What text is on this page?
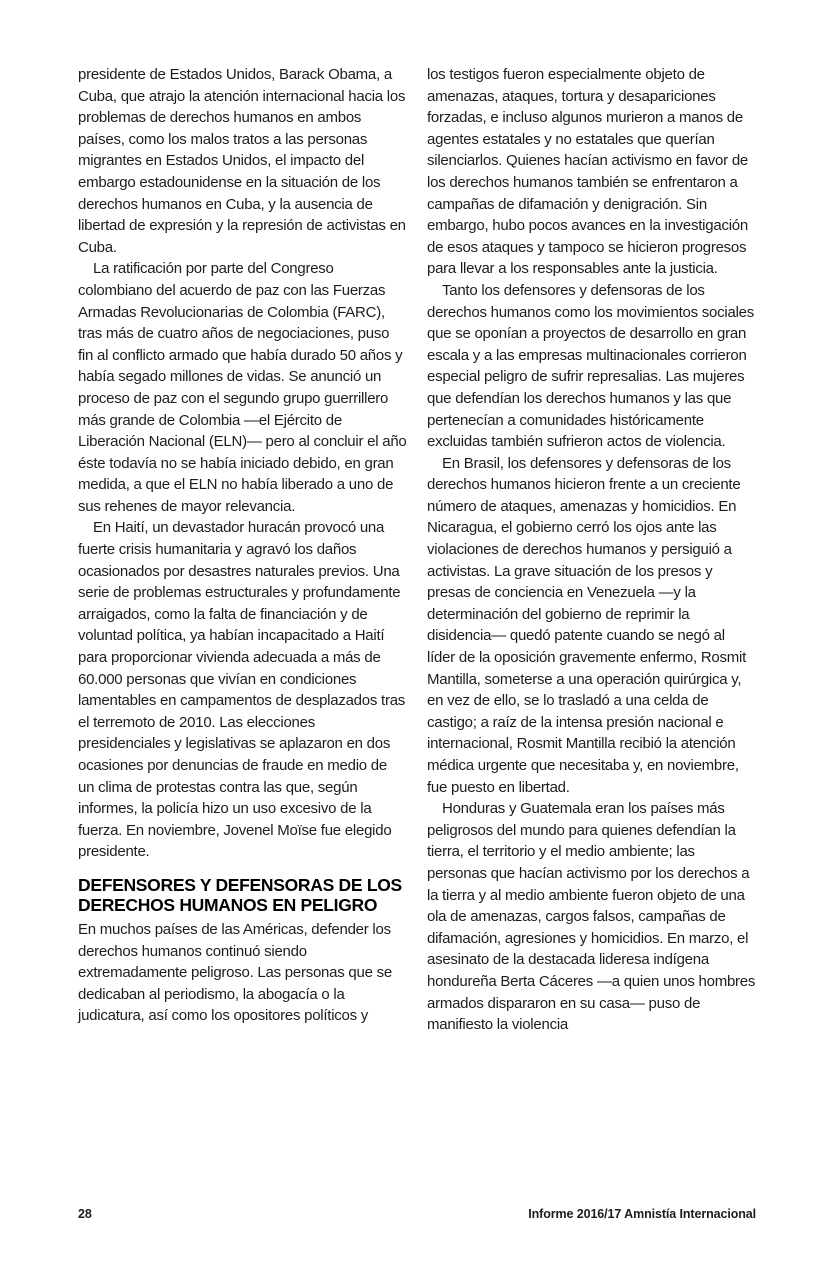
presidente de Estados Unidos, Barack Obama, a Cuba, que atrajo la atención internacional hacia los problemas de derechos humanos en ambos países, como los malos tratos a las personas migrantes en Estados Unidos, el impacto del embargo estadounidense en la situación de los derechos humanos en Cuba, y la ausencia de libertad de expresión y la represión de activistas en Cuba.

La ratificación por parte del Congreso colombiano del acuerdo de paz con las Fuerzas Armadas Revolucionarias de Colombia (FARC), tras más de cuatro años de negociaciones, puso fin al conflicto armado que había durado 50 años y había segado millones de vidas. Se anunció un proceso de paz con el segundo grupo guerrillero más grande de Colombia —el Ejército de Liberación Nacional (ELN)— pero al concluir el año éste todavía no se había iniciado debido, en gran medida, a que el ELN no había liberado a uno de sus rehenes de mayor relevancia.

En Haití, un devastador huracán provocó una fuerte crisis humanitaria y agravó los daños ocasionados por desastres naturales previos. Una serie de problemas estructurales y profundamente arraigados, como la falta de financiación y de voluntad política, ya habían incapacitado a Haití para proporcionar vivienda adecuada a más de 60.000 personas que vivían en condiciones lamentables en campamentos de desplazados tras el terremoto de 2010. Las elecciones presidenciales y legislativas se aplazaron en dos ocasiones por denuncias de fraude en medio de un clima de protestas contra las que, según informes, la policía hizo un uso excesivo de la fuerza. En noviembre, Jovenel Moïse fue elegido presidente.

DEFENSORES Y DEFENSORAS DE LOS DERECHOS HUMANOS EN PELIGRO

En muchos países de las Américas, defender los derechos humanos continuó siendo extremadamente peligroso. Las personas que se dedicaban al periodismo, la abogacía o la judicatura, así como los opositores políticos y

los testigos fueron especialmente objeto de amenazas, ataques, tortura y desapariciones forzadas, e incluso algunos murieron a manos de agentes estatales y no estatales que querían silenciarlos. Quienes hacían activismo en favor de los derechos humanos también se enfrentaron a campañas de difamación y denigración. Sin embargo, hubo pocos avances en la investigación de esos ataques y tampoco se hicieron progresos para llevar a los responsables ante la justicia.

Tanto los defensores y defensoras de los derechos humanos como los movimientos sociales que se oponían a proyectos de desarrollo en gran escala y a las empresas multinacionales corrieron especial peligro de sufrir represalias. Las mujeres que defendían los derechos humanos y las que pertenecían a comunidades históricamente excluidas también sufrieron actos de violencia.

En Brasil, los defensores y defensoras de los derechos humanos hicieron frente a un creciente número de ataques, amenazas y homicidios. En Nicaragua, el gobierno cerró los ojos ante las violaciones de derechos humanos y persiguió a activistas. La grave situación de los presos y presas de conciencia en Venezuela —y la determinación del gobierno de reprimir la disidencia— quedó patente cuando se negó al líder de la oposición gravemente enfermo, Rosmit Mantilla, someterse a una operación quirúrgica y, en vez de ello, se lo trasladó a una celda de castigo; a raíz de la intensa presión nacional e internacional, Rosmit Mantilla recibió la atención médica urgente que necesitaba y, en noviembre, fue puesto en libertad.

Honduras y Guatemala eran los países más peligrosos del mundo para quienes defendían la tierra, el territorio y el medio ambiente; las personas que hacían activismo por los derechos a la tierra y al medio ambiente fueron objeto de una ola de amenazas, cargos falsos, campañas de difamación, agresiones y homicidios. En marzo, el asesinato de la destacada lideresa indígena hondureña Berta Cáceres —a quien unos hombres armados dispararon en su casa— puso de manifiesto la violencia

28	Informe 2016/17 Amnistía Internacional
